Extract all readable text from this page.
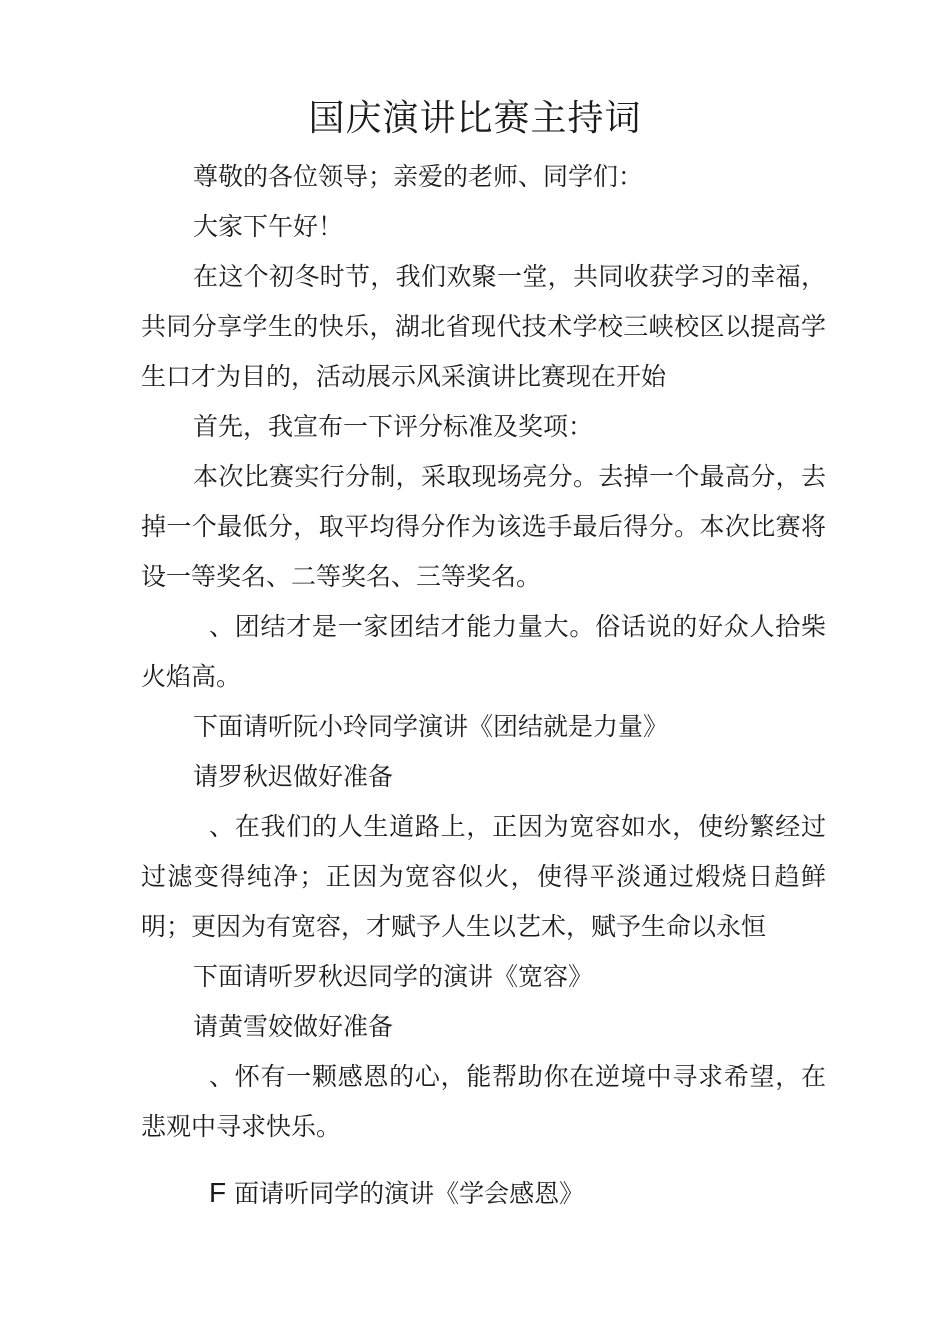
国庆演讲比赛主持词

尊敬的各位领导；亲爱的老师、同学们：

大家下午好！

在这个初冬时节，我们欢聚一堂，共同收获学习的幸福，共同分享学生的快乐，湖北省现代技术学校三峡校区以提高学生口才为目的，活动展示风采演讲比赛现在开始

首先，我宣布一下评分标准及奖项：

本次比赛实行分制，采取现场亮分。去掉一个最高分，去掉一个最低分，取平均得分作为该选手最后得分。本次比赛将设一等奖名、二等奖名、三等奖名。

、团结才是一家团结才能力量大。俗话说的好众人拾柴火焰高。

下面请听阮小玲同学演讲《团结就是力量》

请罗秋迟做好准备

、在我们的人生道路上，正因为宽容如水，使纷繁经过过滤变得纯净；正因为宽容似火，使得平淡通过煅烧日趋鲜明；更因为有宽容，才赋予人生以艺术，赋予生命以永恒

下面请听罗秋迟同学的演讲《宽容》

请黄雪姣做好准备

、怀有一颗感恩的心，能帮助你在逆境中寻求希望，在悲观中寻求快乐。

F 面请听同学的演讲《学会感恩》
